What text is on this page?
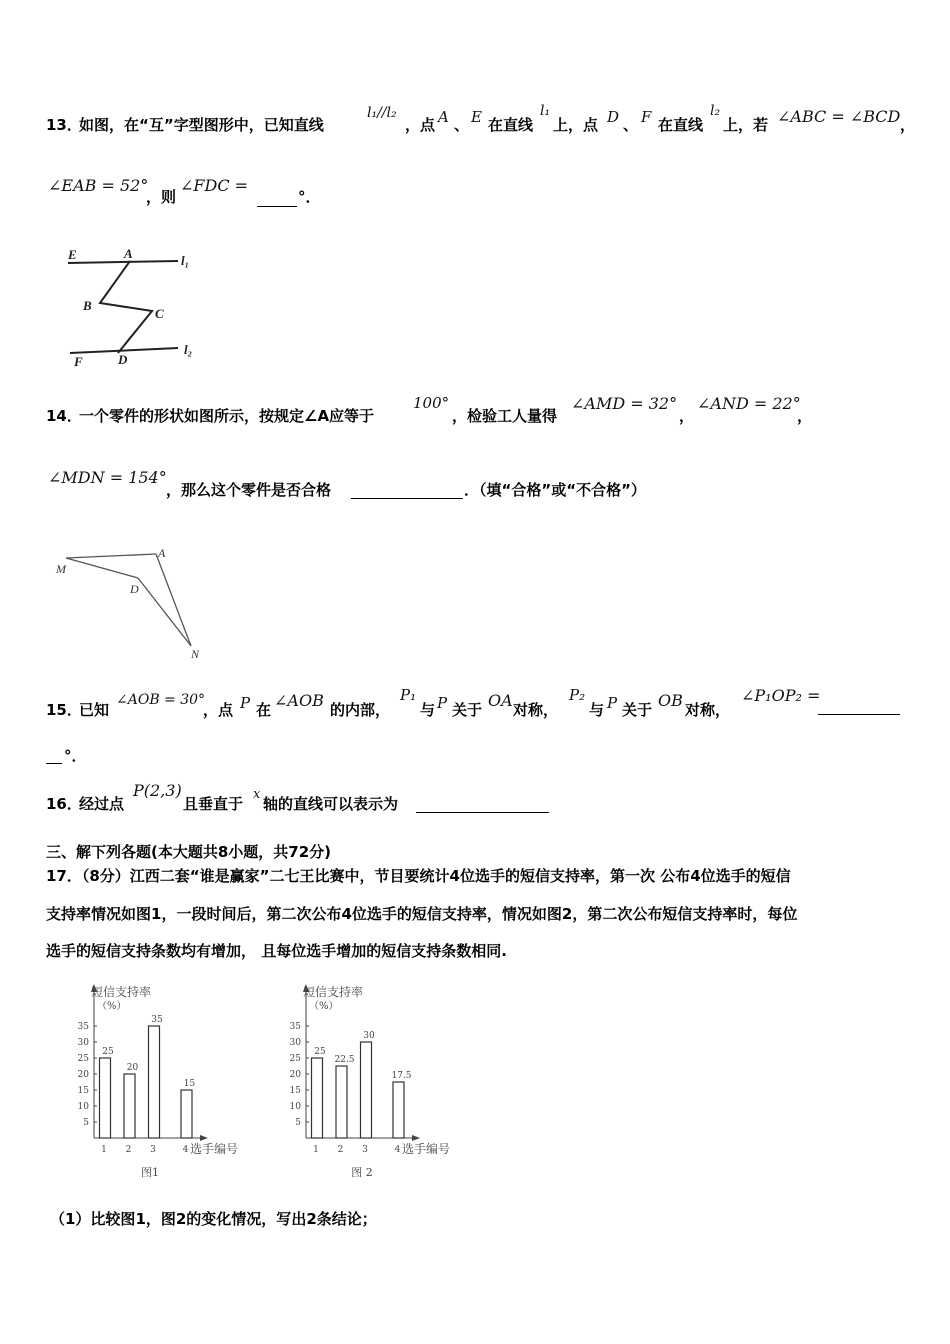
13．
如图，在“互”字型图形中，已知直线
l₁//l₂
，点 A 、 E 在直线
l₁
上，点 D 、 F 在直线
l₂
上，若 ∠ABC = ∠BCD ，
∠EAB = 52°
，则
∠FDC =
°．
E	A	l₁
B
C
F	D
l₂
14．
一个零件的形状如图所示，按规定∠A应等于
100°
，检验工人量得
∠AMD = 32°
，
∠AND = 22°
，
∠MDN = 154°
，那么这个零件是否合格	．（填“合格”或“不合格”）
M
A
D
N
15．
已知
∠AOB = 30°
，点 P 在 ∠AOB 的内部，
P₁
与 P 关于 OA 对称，
P₂
与 P 关于 OB 对称，
∠P₁OP₂ =
°．
16．
经过点
P(2,3)
且垂直于
x
轴的直线可以表示为
三、解下列各题(本大题共8小题，共72分)
17．（8分）江西二套“谁是赢家”二七王比赛中，节目要统计4位选手的短信支持率，第一次 公布4位选手的短信
支持率情况如图1，一段时间后，第二次公布4位选手的短信支持率，情况如图2，第二次公布短信支持率时，每位
选手的短信支持条数均有增加， 且每位选手增加的短信支持条数相同.
短信支持率
（%）
5
10
15
20
25
30
35
25
1
20
2
35
3
15
4 选手编号
图1
短信支持率
（%）
5
10
15
20
25
30
35
25
1
22.5
2
30
3
17.5
4 选手编号
图 2
（1）比较图1，图2的变化情况，写出2条结论；
